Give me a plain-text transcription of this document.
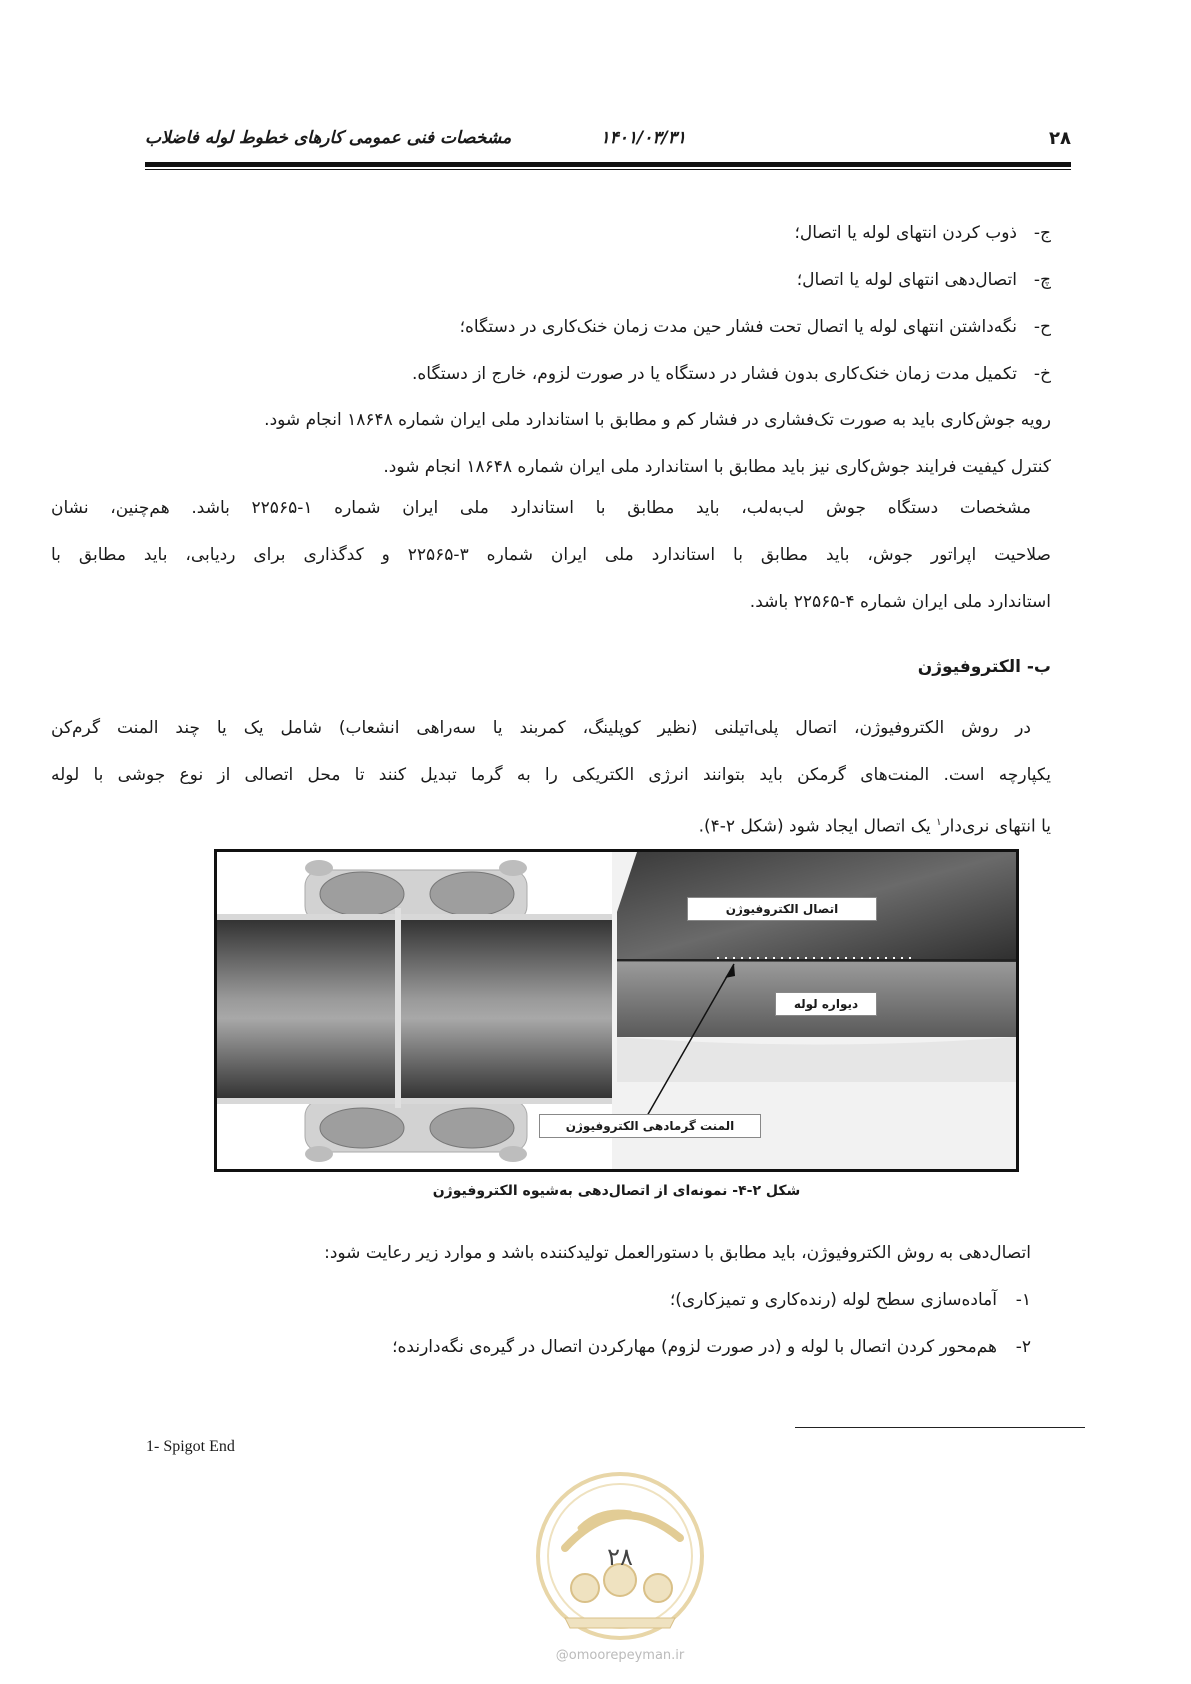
۲۸
۱۴۰۱/۰۳/۳۱
مشخصات فنی عمومی کارهای خطوط لوله فاضلاب
ج-ذوب کردن انتهای لوله یا اتصال؛
چ-اتصال‌دهی انتهای لوله یا اتصال؛
ح-نگه‌داشتن انتهای لوله یا اتصال تحت فشار حین مدت زمان خنک‌کاری در دستگاه؛
خ-تکمیل مدت زمان خنک‌کاری بدون فشار در دستگاه یا در صورت لزوم، خارج از دستگاه.
رویه جوش‌کاری باید به صورت تک‌فشاری در فشار کم و مطابق با استاندارد ملی ایران شماره ۱۸۶۴۸ انجام شود.
کنترل کیفیت فرایند جوش‌کاری نیز باید مطابق با استاندارد ملی ایران شماره ۱۸۶۴۸ انجام شود.
مشخصات دستگاه جوش لب‌به‌لب، باید مطابق با استاندارد ملی ایران شماره ۱-۲۲۵۶۵ باشد. هم‌چنین، نشان
صلاحیت اپراتور جوش، باید مطابق با استاندارد ملی ایران شماره ۳-۲۲۵۶۵ و کدگذاری برای ردیابی، باید مطابق با
استاندارد ملی ایران شماره ۴-۲۲۵۶۵ باشد.
ب- الکتروفیوژن
در روش الکتروفیوژن، اتصال پلی‌اتیلنی (نظیر کوپلینگ، کمربند یا سه‌راهی انشعاب) شامل یک یا چند المنت گرم‌کن
یکپارچه است. المنت‌های گرمکن باید بتوانند انرژی الکتریکی را به گرما تبدیل کنند تا محل اتصالی از نوع جوشی با لوله
یا انتهای نری‌دار$^۱$ یک اتصال ایجاد شود (شکل ۲-۴).
اتصال الکتروفیوژن
دیواره لوله
المنت گرمادهی الکتروفیوژن
شکل ۲-۴- نمونه‌ای از اتصال‌دهی به‌شیوه الکتروفیوژن
اتصال‌دهی به روش الکتروفیوژن، باید مطابق با دستورالعمل تولیدکننده باشد و موارد زیر رعایت شود:
۱-آماده‌سازی سطح لوله (رنده‌کاری و تمیزکاری)؛
۲-هم‌محور کردن اتصال با لوله و (در صورت لزوم) مهارکردن اتصال در گیره‌ی نگه‌دارنده؛
1- Spigot End
۲۸
@omoorepeyman.ir
